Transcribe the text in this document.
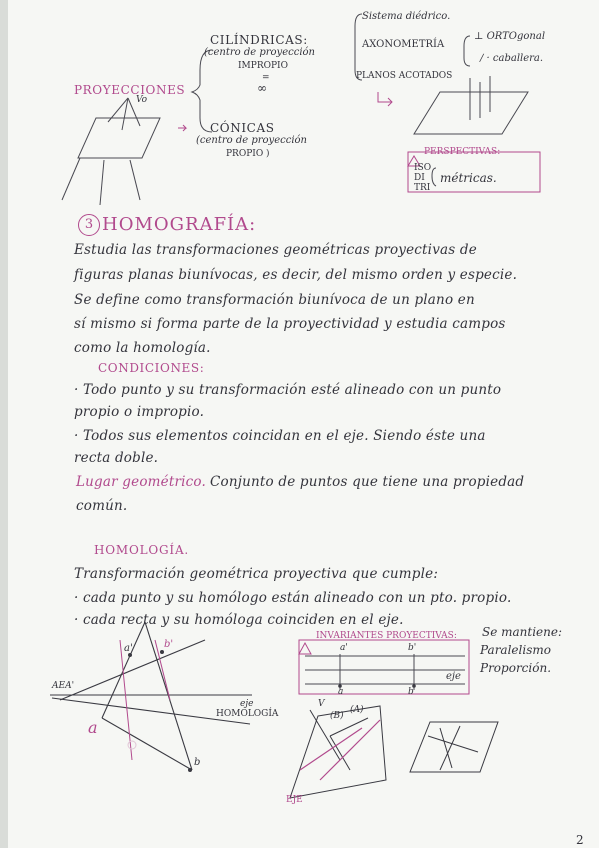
PROYECCIONES
Vo
CILÍNDRICAS:
(centro de proyección
IMPROPIO
=
∞
CÓNICAS
(centro de proyección
PROPIO )
Sistema diédrico.
AXONOMETRÍA
⊥ ORTOgonal
∕ · caballera.
PLANOS ACOTADOS
PERSPECTIVAS:
ISO
DI
TRI
métricas.
3 HOMOGRAFÍA:
Estudia las transformaciones geométricas proyectivas de
figuras planas biunívocas, es decir, del mismo orden y especie.
Se define como transformación biunívoca de un plano en
sí mismo si forma parte de la proyectividad y estudia campos
como la homología.
CONDICIONES:
· Todo punto y su transformación esté alineado con un punto
propio o impropio.
· Todos sus elementos coincidan en el eje. Siendo éste una
recta doble.
Lugar geométrico. Conjunto de puntos que tiene una propiedad
común.
HOMOLOGÍA.
Transformación geométrica proyectiva que cumple:
· cada punto y su homólogo están alineado con un pto. propio.
· cada recta y su homóloga coinciden en el eje.
INVARIANTES PROYECTIVAS: Se mantiene:
Paralelismo
Proporción.
a'	b'
a	b
eje
a'	b'
a
b
eje
HOMOLOGÍA
AEA'
V
EJE
(A)
(B)
2
